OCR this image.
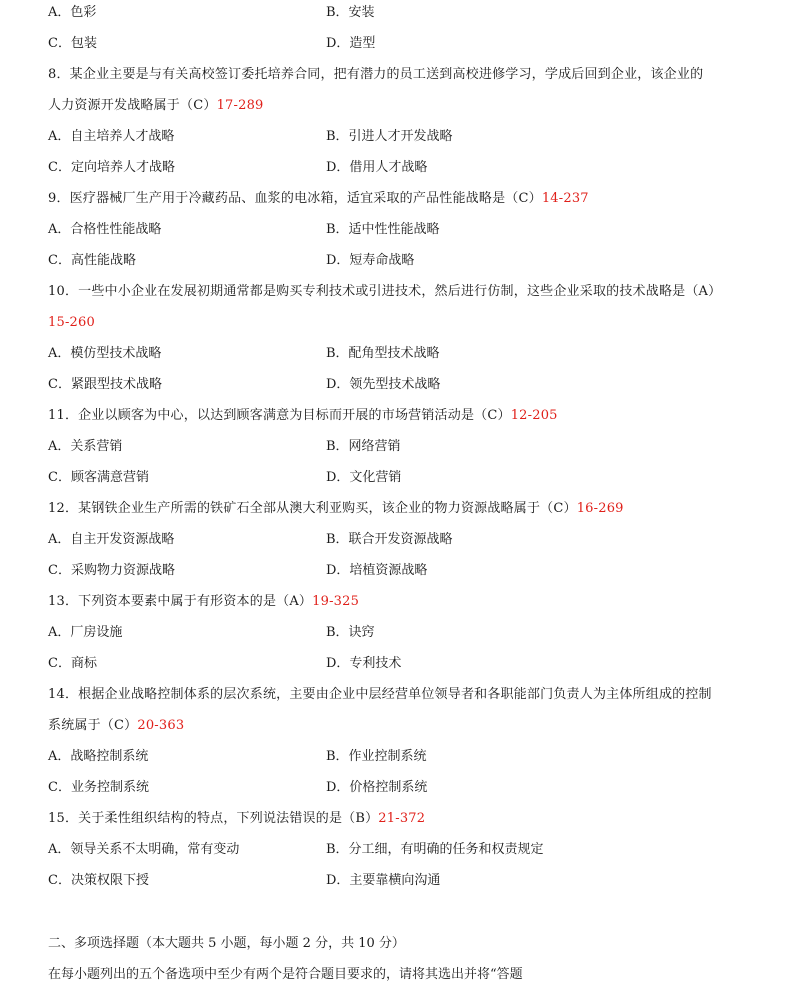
A．色彩	B．安装
C．包装	D．造型
8．某企业主要是与有关高校签订委托培养合同，把有潜力的员工送到高校进修学习，学成后回到企业，该企业的
人力资源开发战略属于（C）17-289
A．自主培养人才战略	B．引进人才开发战略
C．定向培养人才战略	D．借用人才战略
9．医疗器械厂生产用于冷藏药品、血浆的电冰箱，适宜采取的产品性能战略是（C）14-237
A．合格性性能战略	B．适中性性能战略
C．高性能战略	D．短寿命战略
10．一些中小企业在发展初期通常都是购买专利技术或引进技术，然后进行仿制，这些企业采取的技术战略是（A）
15-260
A．模仿型技术战略	B．配角型技术战略
C．紧跟型技术战略	D．领先型技术战略
11．企业以顾客为中心，以达到顾客满意为目标而开展的市场营销活动是（C）12-205
A．关系营销	B．网络营销
C．顾客满意营销	D．文化营销
12．某钢铁企业生产所需的铁矿石全部从澳大利亚购买，该企业的物力资源战略属于（C）16-269
A．自主开发资源战略	B．联合开发资源战略
C．采购物力资源战略	D．培植资源战略
13．下列资本要素中属于有形资本的是（A）19-325
A．厂房设施	B．诀窍
C．商标	D．专利技术
14．根据企业战略控制体系的层次系统，主要由企业中层经营单位领导者和各职能部门负责人为主体所组成的控制
系统属于（C）20-363
A．战略控制系统	B．作业控制系统
C．业务控制系统	D．价格控制系统
15．关于柔性组织结构的特点，下列说法错误的是（B）21-372
A．领导关系不太明确，常有变动	B．分工细，有明确的任务和权责规定
C．决策权限下授	D．主要靠横向沟通
二、多项选择题（本大题共 5 小题，每小题 2 分，共 10 分）
在每小题列出的五个备选项中至少有两个是符合题目要求的，请将其选出并将“答题
